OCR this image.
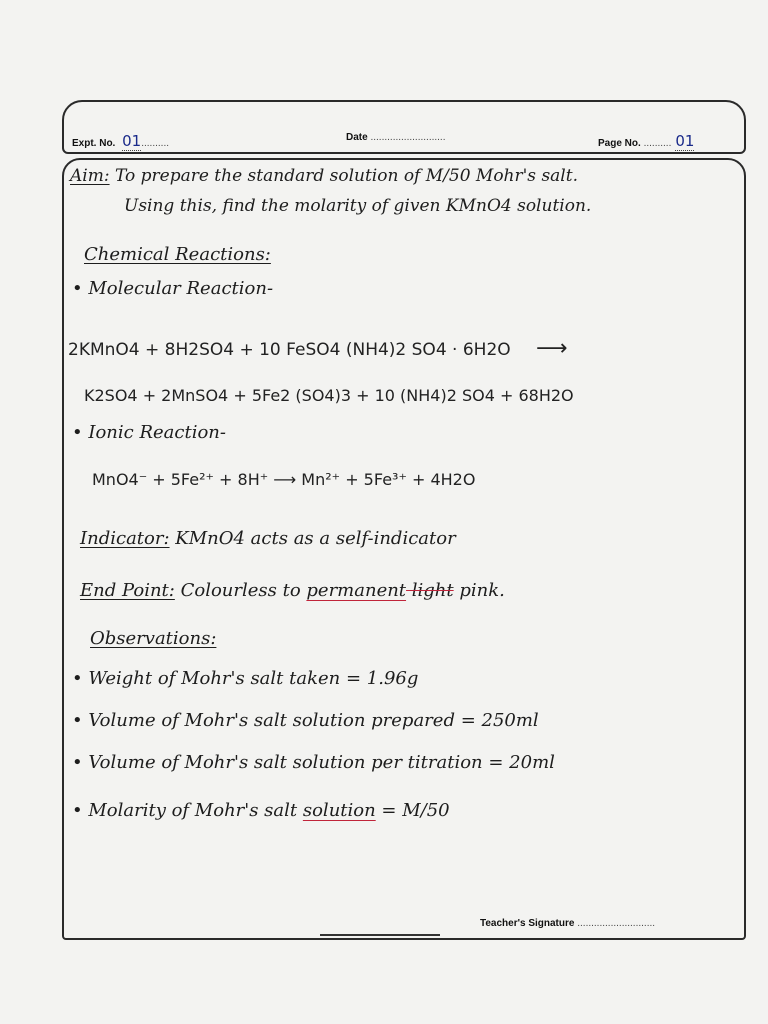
Expt. No. 01..........
Date ...........................
Page No. .......... 01
Aim: To prepare the standard solution of M/50 Mohr's salt.
Using this, find the molarity of given KMnO4 solution.
Chemical Reactions:
• Molecular Reaction-
2KMnO4 + 8H2SO4 + 10 FeSO4 (NH4)2 SO4 · 6H2O ⟶
K2SO4 + 2MnSO4 + 5Fe2 (SO4)3 + 10 (NH4)2 SO4 + 68H2O
• Ionic Reaction-
MnO4⁻ + 5Fe²⁺ + 8H⁺ ⟶ Mn²⁺ + 5Fe³⁺ + 4H2O
Indicator: KMnO4 acts as a self-indicator
End Point: Colourless to permanent light pink.
Observations:
• Weight of Mohr's salt taken = 1.96g
• Volume of Mohr's salt solution prepared = 250ml
• Volume of Mohr's salt solution per titration = 20ml
• Molarity of Mohr's salt solution = M/50
Teacher's Signature ............................
